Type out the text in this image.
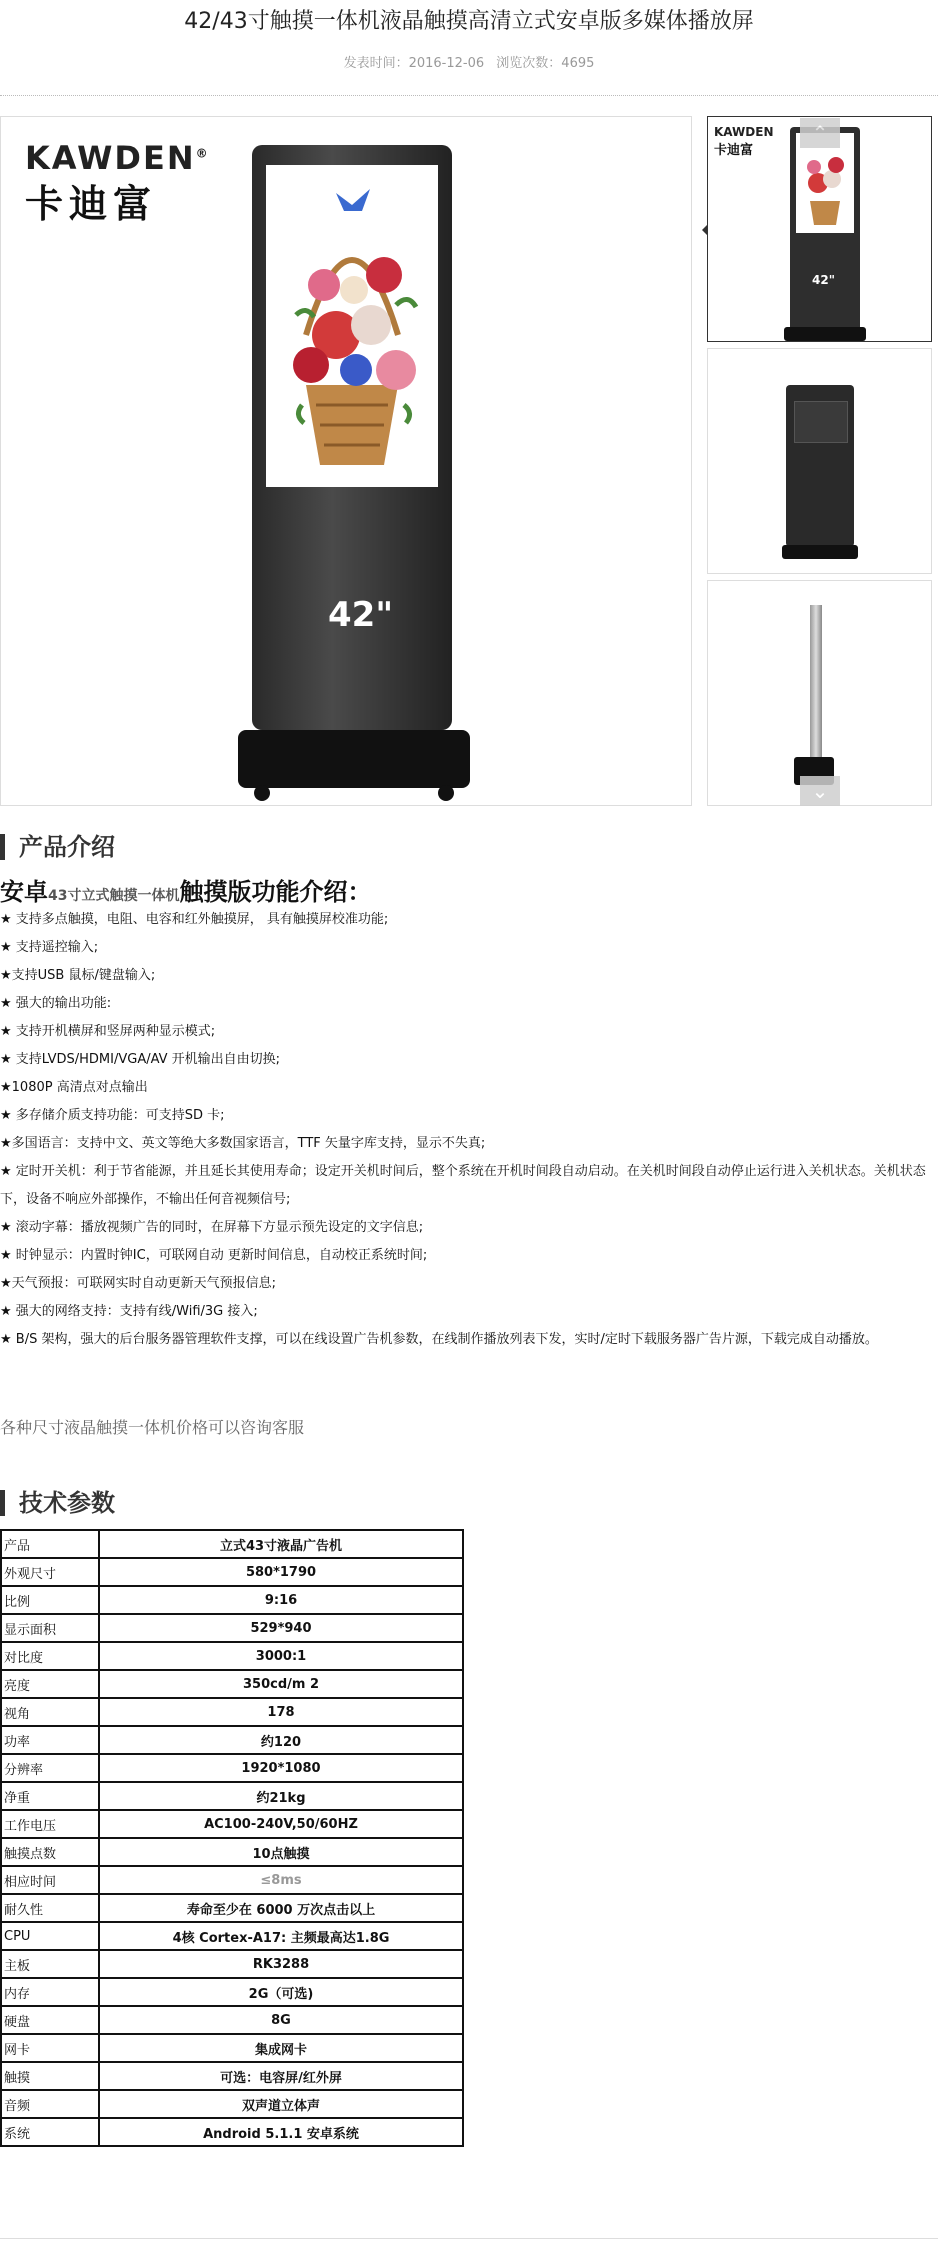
42/43寸触摸一体机液晶触摸高清立式安卓版多媒体播放屏
发表时间：2016-12-06 浏览次数：4695
KAWDEN®
卡迪富
42"
KAWDEN
卡迪富
42"
⌃
⌄
产品介绍
安卓43寸立式触摸一体机触摸版功能介绍：

★ 支持多点触摸，电阻、电容和红外触摸屏， 具有触摸屏校准功能;

★ 支持遥控输入;

★支持USB 鼠标/键盘输入;

★ 强大的输出功能:

★ 支持开机横屏和竖屏两种显示模式;

★ 支持LVDS/HDMI/VGA/AV 开机输出自由切换;

★1080P 高清点对点输出

★ 多存储介质支持功能：可支持SD 卡;

★多国语言：支持中文、英文等绝大多数国家语言，TTF 矢量字库支持，显示不失真;

★ 定时开关机：利于节省能源，并且延长其使用寿命；设定开关机时间后，整个系统在开机时间段自动启动。在关机时间段自动停止运行进入关机状态。关机状态下，设备不响应外部操作，不输出任何音视频信号;

★ 滚动字幕：播放视频广告的同时，在屏幕下方显示预先设定的文字信息;

★ 时钟显示：内置时钟IC，可联网自动 更新时间信息，自动校正系统时间;

★天气预报：可联网实时自动更新天气预报信息;

★ 强大的网络支持：支持有线/Wifi/3G 接入;

★ B/S 架构，强大的后台服务器管理软件支撑，可以在线设置广告机参数，在线制作播放列表下发，实时/定时下载服务器广告片源，下载完成自动播放。

各种尺寸液晶触摸一体机价格可以咨询客服
技术参数
产品	立式43寸液晶广告机
外观尺寸	580*1790
比例	9:16
显示面积	529*940
对比度	3000:1
亮度	350cd/m 2
视角	178
功率	约120
分辨率	1920*1080
净重	约21kg
工作电压	AC100-240V,50/60HZ
触摸点数	10点触摸
相应时间	≤8ms
耐久性	寿命至少在 6000 万次点击以上
CPU	4核 Cortex-A17: 主频最高达1.8G
主板	RK3288
内存	2G（可选)
硬盘	8G
网卡	集成网卡
触摸	可选：电容屏/红外屏
音频	双声道立体声
系统	Android 5.1.1 安卓系统
